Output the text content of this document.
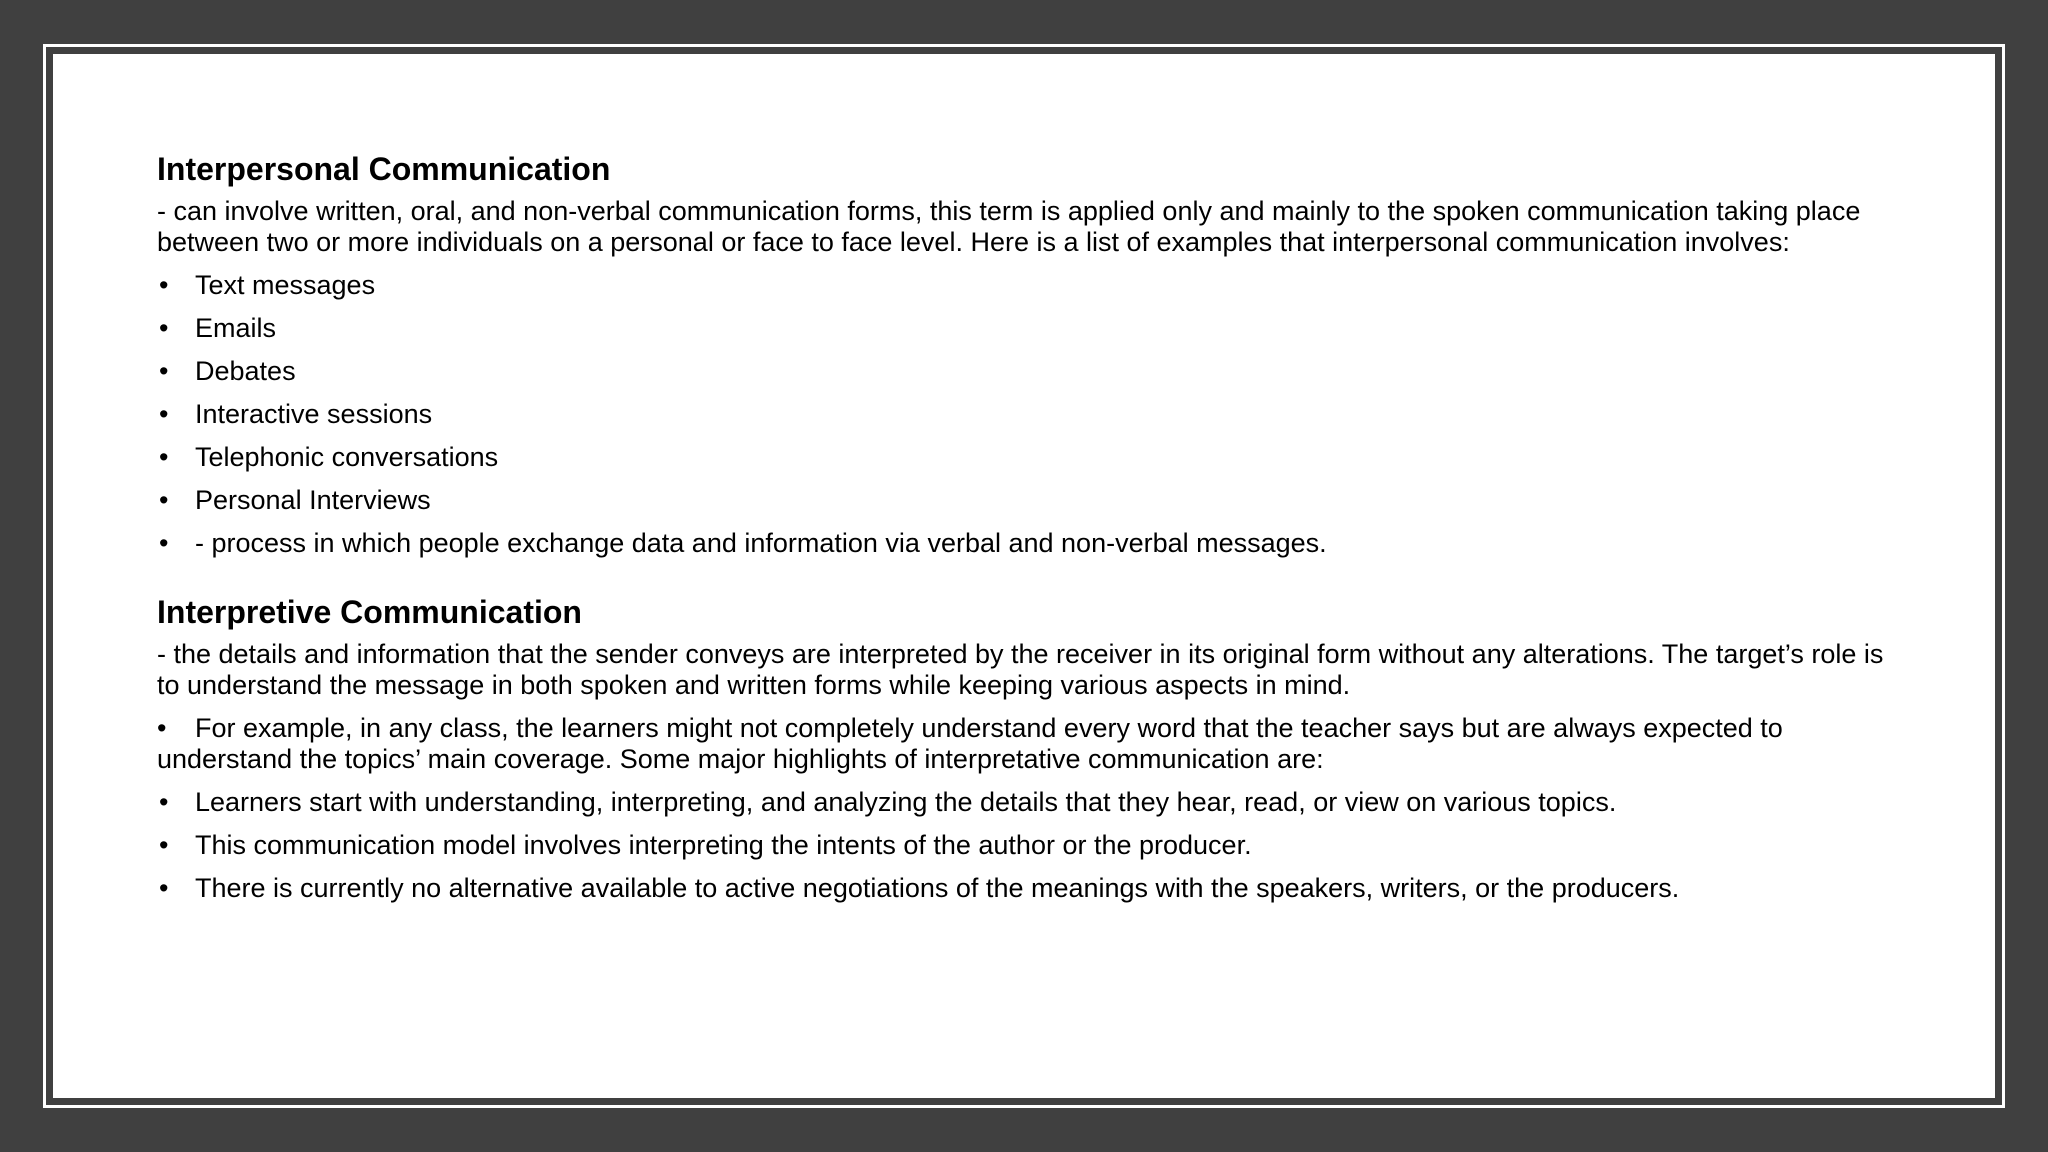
Interpersonal Communication
- can involve written, oral, and non-verbal communication forms, this term is applied only and mainly to the spoken communication taking place between two or more individuals on a personal or face to face level. Here is a list of examples that interpersonal communication involves:
• Text messages
• Emails
• Debates
• Interactive sessions
• Telephonic conversations
• Personal Interviews
• - process in which people exchange data and information via verbal and non-verbal messages.
Interpretive Communication
- the details and information that the sender conveys are interpreted by the receiver in its original form without any alterations. The target’s role is to understand the message in both spoken and written forms while keeping various aspects in mind.
• For example, in any class, the learners might not completely understand every word that the teacher says but are always expected to understand the topics’ main coverage. Some major highlights of interpretative communication are:
• Learners start with understanding, interpreting, and analyzing the details that they hear, read, or view on various topics.
• This communication model involves interpreting the intents of the author or the producer.
• There is currently no alternative available to active negotiations of the meanings with the speakers, writers, or the producers.
